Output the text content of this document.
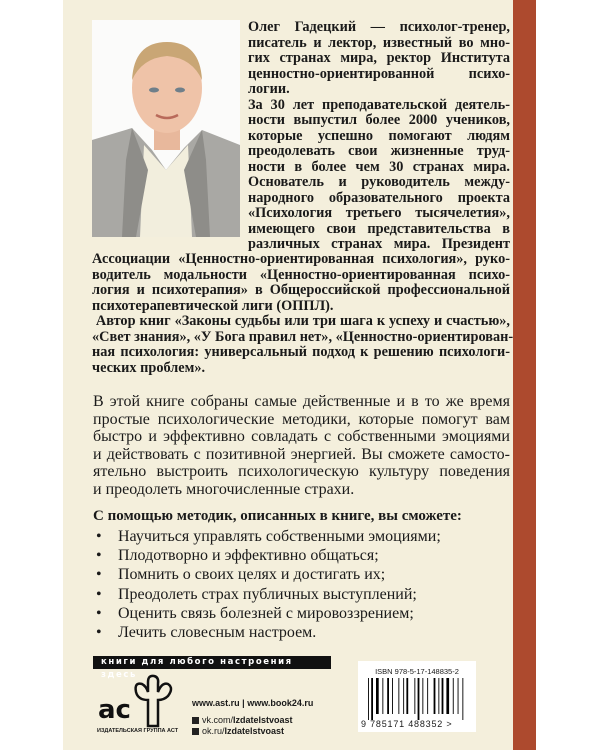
Олег Гадецкий — психолог-тренер,
писатель и лектор, известный во мно-
гих странах мира, ректор Института
ценностно-ориентированной психо-
логии.
За 30 лет преподавательской деятель-
ности выпустил более 2000 учеников,
которые успешно помогают людям
преодолевать свои жизненные труд-
ности в более чем 30 странах мира.
Основатель и руководитель между-
народного образовательного проекта
«Психология третьего тысячелетия»,
имеющего свои представительства в
различных странах мира. Президент
Ассоциации «Ценностно-ориентированная психология», руко-
водитель модальности «Ценностно-ориентированная психо-
логия и психотерапия» в Общероссийской профессиональной
психотерапевтической лиги (ОППЛ).
Автор книг «Законы судьбы или три шага к успеху и счастью»,
«Свет знания», «У Бога правил нет», «Ценностно-ориентирован-
ная психология: универсальный подход к решению психологи-
ческих проблем».
В этой книге собраны самые действенные и в то же время
простые психологические методики, которые помогут вам
быстро и эффективно совладать с собственными эмоциями
и действовать с позитивной энергией. Вы сможете самосто-
ятельно выстроить психологическую культуру поведения
и преодолеть многочисленные страхи.
С помощью методик, описанных в книге, вы сможете:
•	Научиться управлять собственными эмоциями;
•	Плодотворно и эффективно общаться;
•	Помнить о своих целях и достигать их;
•	Преодолеть страх публичных выступлений;
•	Оценить связь болезней с мировоззрением;
•	Лечить словесным настроем.
книги для любого настроения здесь
ac
ИЗДАТЕЛЬСКАЯ ГРУППА АСТ
www.ast.ru | www.book24.ru
vk.com/Izdatelstvoast
ok.ru/Izdatelstvoast
ISBN 978-5-17-148835-2
9 785171 488352 >
